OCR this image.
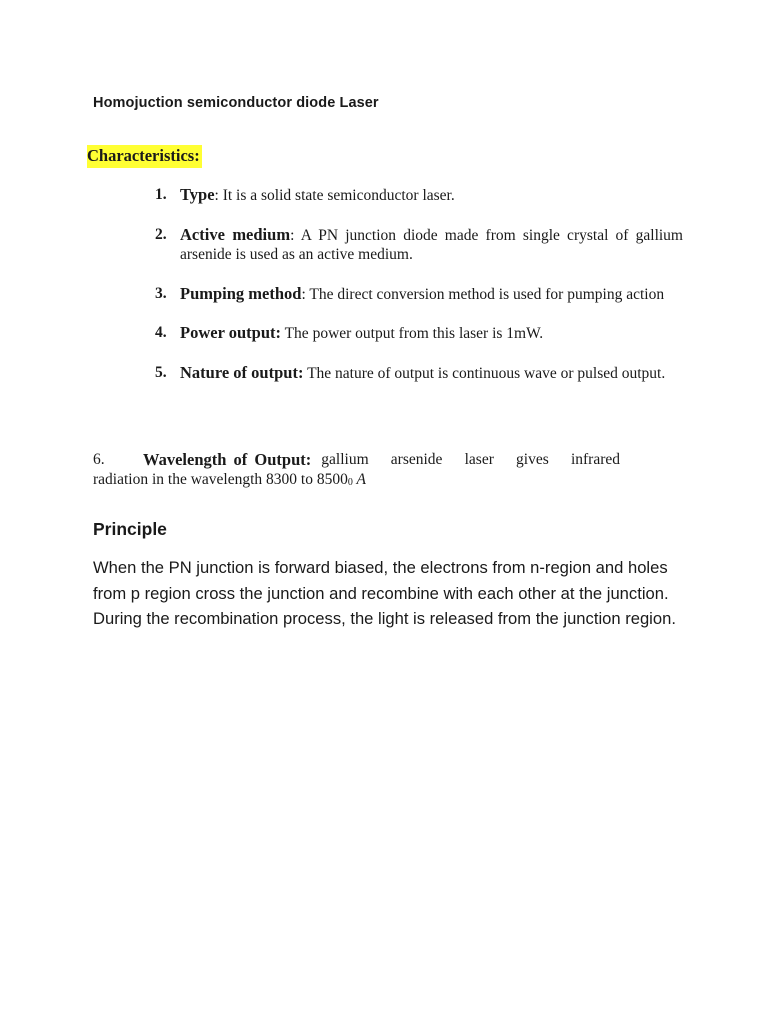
Homojuction semiconductor diode Laser
Characteristics:
1. Type: It is a solid state semiconductor laser.
2. Active medium: A PN junction diode made from single crystal of gallium arsenide is used as an active medium.
3. Pumping method: The direct conversion method is used for pumping action
4. Power output: The power output from this laser is 1mW.
5. Nature of output: The nature of output is continuous wave or pulsed output.
6.	Wavelength of Output: gallium arsenide laser gives infrared
radiation in the wavelength 8300 to 85000 A
Principle

When the PN junction is forward biased, the electrons from n-region and holes from p region cross the junction and recombine with each other at the junction. During the recombination process, the light is released from the junction region.
